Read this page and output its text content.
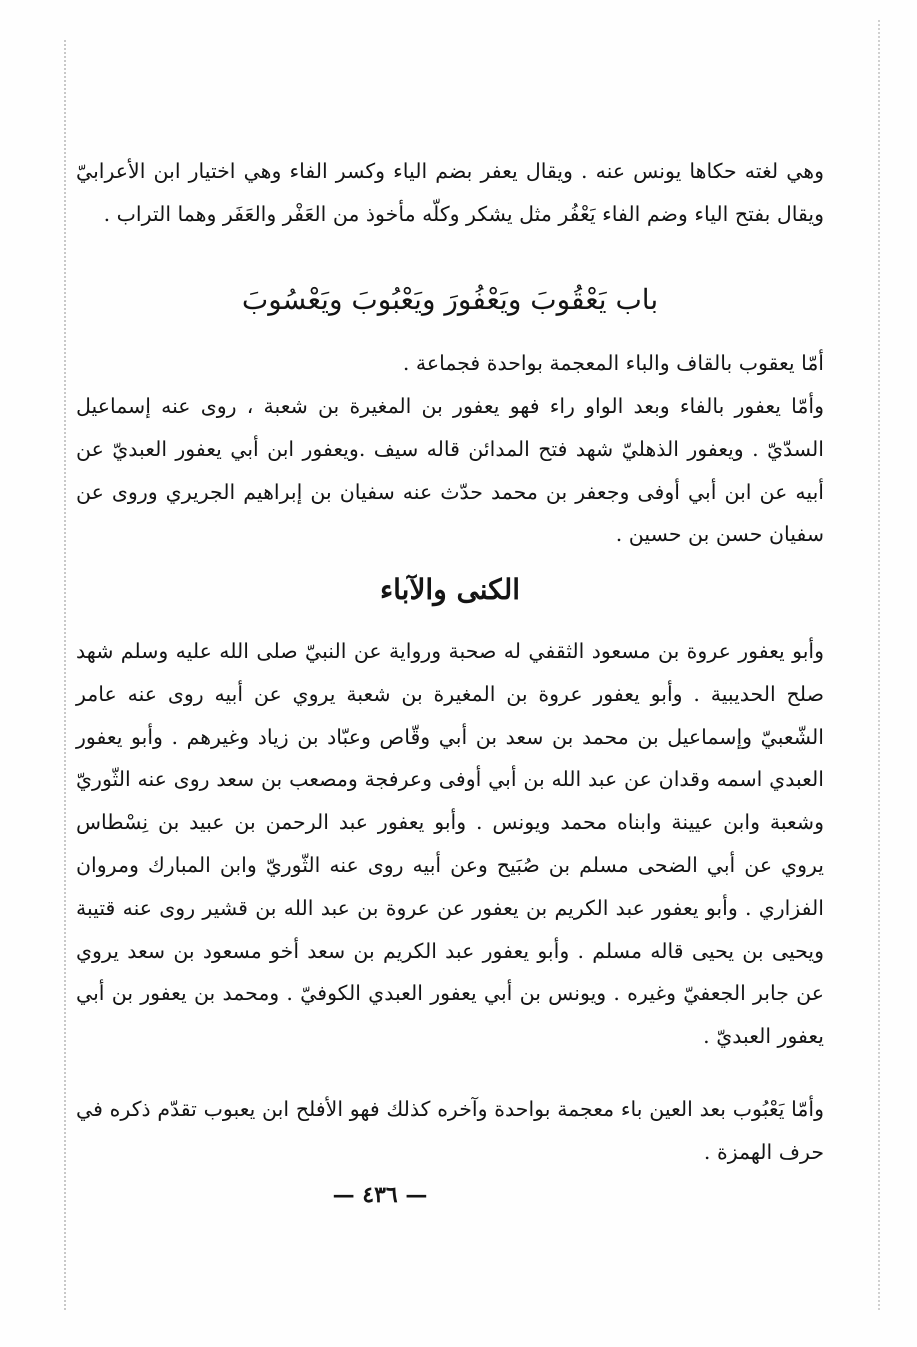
وهي لغته حكاها يونس عنه . ويقال يعفر بضم الياء وكسر الفاء وهي اختيار ابن الأعرابيّ ويقال بفتح الياء وضم الفاء يَعْفُر مثل يشكر وكلّه مأخوذ من العَفْر والعَفَر وهما التراب .

باب يَعْقُوبَ ويَعْفُورَ ويَعْبُوبَ ويَعْسُوبَ

أمّا يعقوب بالقاف والباء المعجمة بواحدة فجماعة .

وأمّا يعفور بالفاء وبعد الواو راء فهو يعفور بن المغيرة بن شعبة ، روى عنه إسماعيل السدّيّ . ويعفور الذهليّ شهد فتح المدائن قاله سيف .ويعفور ابن أبي يعفور العبديّ عن أبيه عن ابن أبي أوفى وجعفر بن محمد حدّث عنه سفيان بن إبراهيم الجريري وروى عن سفيان حسن بن حسين .

الكنى والآباء

وأبو يعفور عروة بن مسعود الثقفي له صحبة ورواية عن النبيّ صلى الله عليه وسلم شهد صلح الحديبية . وأبو يعفور عروة بن المغيرة بن شعبة يروي عن أبيه روى عنه عامر الشّعبيّ وإسماعيل بن محمد بن سعد بن أبي وقّاص وعبّاد بن زياد وغيرهم . وأبو يعفور العبدي اسمه وقدان عن عبد الله بن أبي أوفى وعرفجة ومصعب بن سعد روى عنه الثّوريّ وشعبة وابن عيينة وابناه محمد ويونس . وأبو يعفور عبد الرحمن بن عبيد بن نِسْطاس يروي عن أبي الضحى مسلم بن صُبَيح وعن أبيه روى عنه الثّوريّ وابن المبارك ومروان الفزاري . وأبو يعفور عبد الكريم بن يعفور عن عروة بن عبد الله بن قشير روى عنه قتيبة ويحيى بن يحيى قاله مسلم . وأبو يعفور عبد الكريم بن سعد أخو مسعود بن سعد يروي عن جابر الجعفيّ وغيره . ويونس بن أبي يعفور العبدي الكوفيّ . ومحمد بن يعفور بن أبي يعفور العبديّ .

وأمّا يَعْبُوب بعد العين باء معجمة بواحدة وآخره كذلك فهو الأفلح ابن يعبوب تقدّم ذكره في حرف الهمزة .

— ٤٣٦ —
